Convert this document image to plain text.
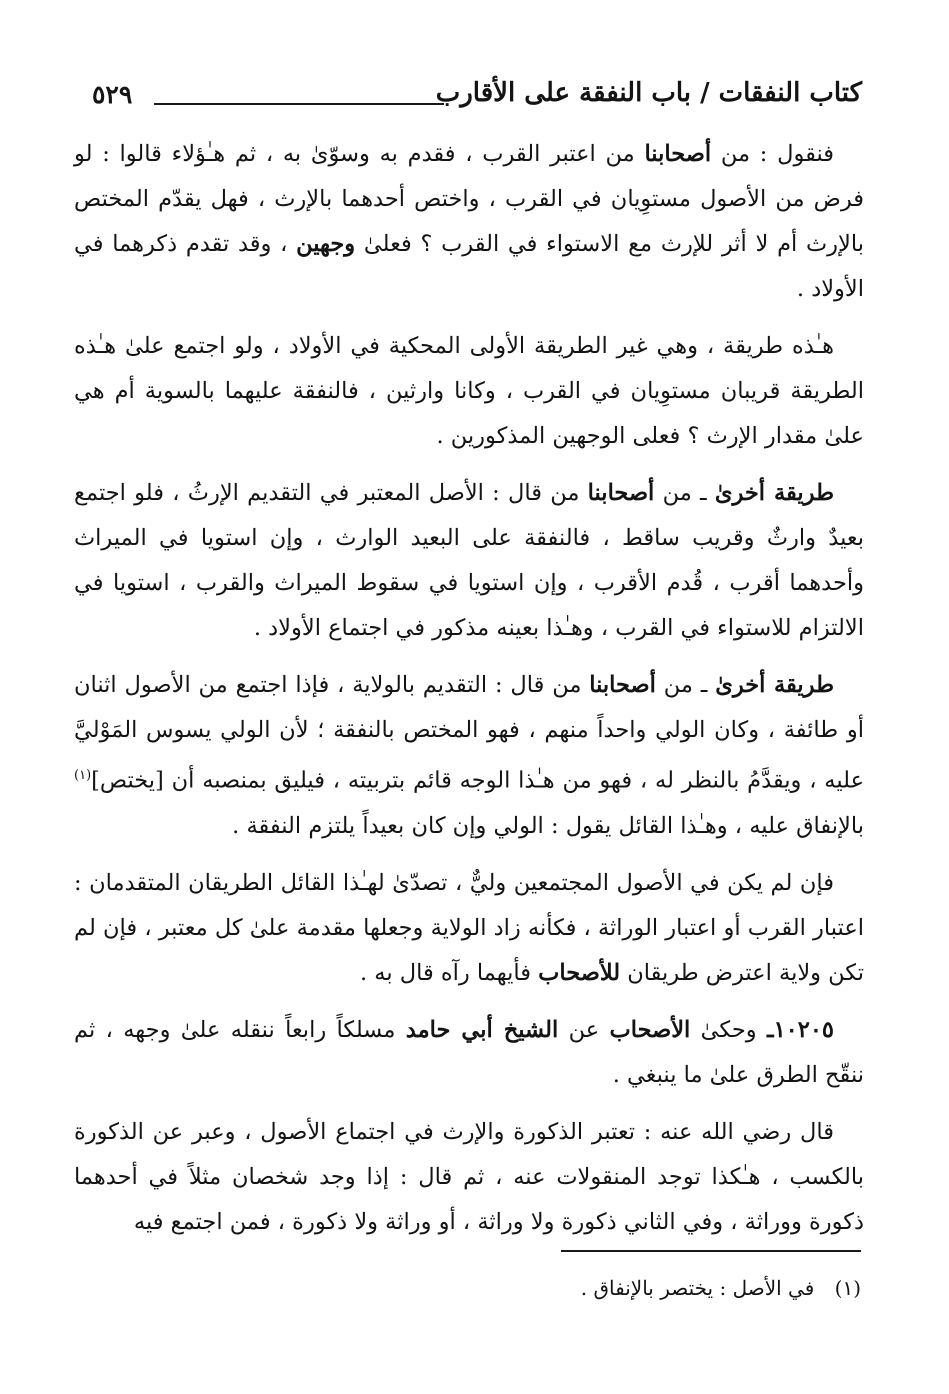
كتاب النفقات / باب النفقة على الأقارب
٥٢٩

فنقول : من أصحابنا من اعتبر القرب ، فقدم به وسوّىٰ به ، ثم هـٰؤلاء قالوا : لو فرض من الأصول مستوِيان في القرب ، واختص أحدهما بالإرث ، فهل يقدّم المختص بالإرث أم لا أثر للإرث مع الاستواء في القرب ؟ فعلىٰ وجهين ، وقد تقدم ذكرهما في الأولاد .

هـٰذه طريقة ، وهي غير الطريقة الأولى المحكية في الأولاد ، ولو اجتمع علىٰ هـٰذه الطريقة قريبان مستوِيان في القرب ، وكانا وارثين ، فالنفقة عليهما بالسوية أم هي علىٰ مقدار الإرث ؟ فعلى الوجهين المذكورين .

طريقة أخرىٰ ـ من أصحابنا من قال : الأصل المعتبر في التقديم الإرثُ ، فلو اجتمع بعيدٌ وارثٌ وقريب ساقط ، فالنفقة على البعيد الوارث ، وإن استويا في الميراث وأحدهما أقرب ، قُدم الأقرب ، وإن استويا في سقوط الميراث والقرب ، استويا في الالتزام للاستواء في القرب ، وهـٰذا بعينه مذكور في اجتماع الأولاد .

طريقة أخرىٰ ـ من أصحابنا من قال : التقديم بالولاية ، فإذا اجتمع من الأصول اثنان أو طائفة ، وكان الولي واحداً منهم ، فهو المختص بالنفقة ؛ لأن الولي يسوس المَوْليَّ عليه ، ويقدَّمُ بالنظر له ، فهو من هـٰذا الوجه قائم بتربيته ، فيليق بمنصبه أن [يختص]$^{(١)}$ بالإنفاق عليه ، وهـٰذا القائل يقول : الولي وإن كان بعيداً يلتزم النفقة .

فإن لم يكن في الأصول المجتمعين وليٌّ ، تصدّىٰ لهـٰذا القائل الطريقان المتقدمان : اعتبار القرب أو اعتبار الوراثة ، فكأنه زاد الولاية وجعلها مقدمة علىٰ كل معتبر ، فإن لم تكن ولاية اعترض طريقان للأصحاب فأيهما رآه قال به .

١٠٢٠٥ـ وحكىٰ الأصحاب عن الشيخ أبي حامد مسلكاً رابعاً ننقله علىٰ وجهه ، ثم ننقّح الطرق علىٰ ما ينبغي .

قال رضي الله عنه : تعتبر الذكورة والإرث في اجتماع الأصول ، وعبر عن الذكورة بالكسب ، هـٰكذا توجد المنقولات عنه ، ثم قال : إذا وجد شخصان مثلاً في أحدهما ذكورة ووراثة ، وفي الثاني ذكورة ولا وراثة ، أو وراثة ولا ذكورة ، فمن اجتمع فيه

(١) في الأصل : يختصر بالإنفاق .
